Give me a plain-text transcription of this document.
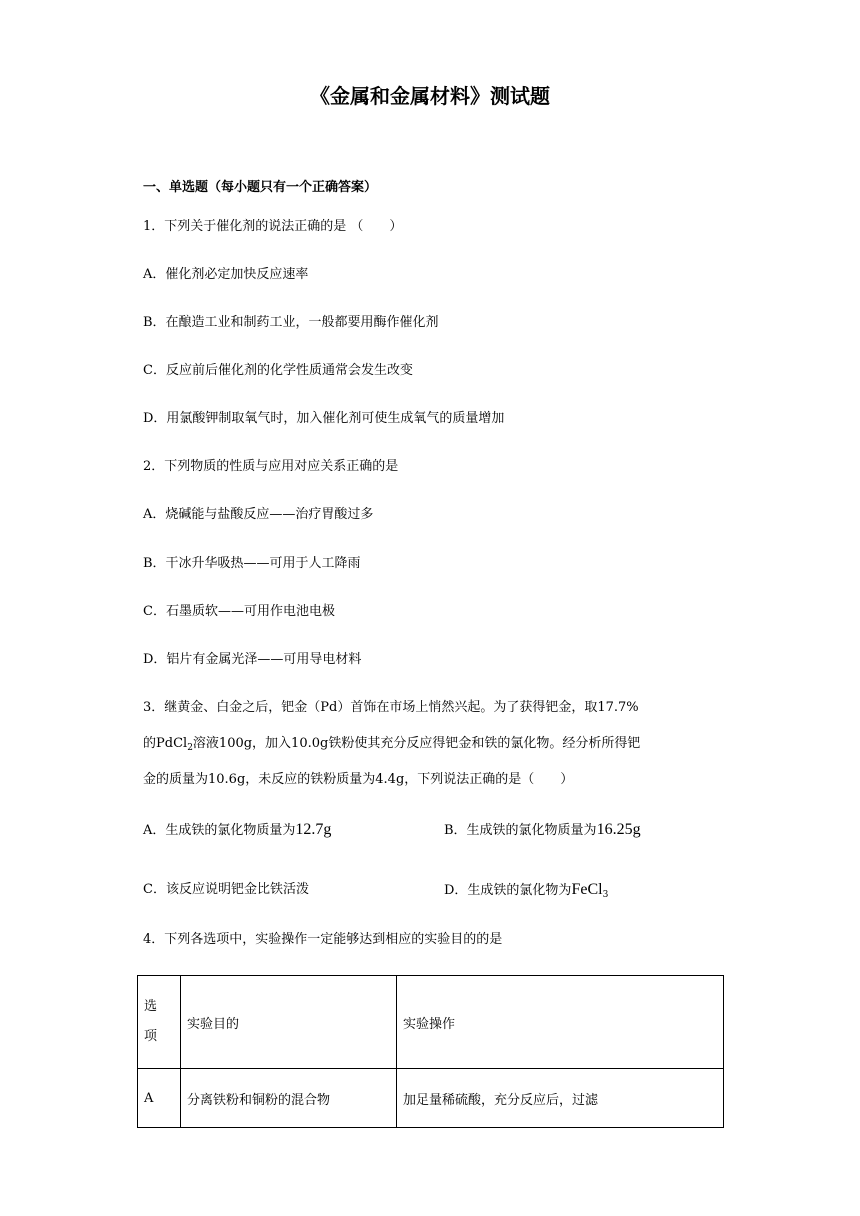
《金属和金属材料》测试题
一、单选题（每小题只有一个正确答案）
1．下列关于催化剂的说法正确的是 （　　）
A．催化剂必定加快反应速率
B．在酿造工业和制药工业，一般都要用酶作催化剂
C．反应前后催化剂的化学性质通常会发生改变
D．用氯酸钾制取氧气时，加入催化剂可使生成氧气的质量增加
2．下列物质的性质与应用对应关系正确的是
A．烧碱能与盐酸反应——治疗胃酸过多
B．干冰升华吸热——可用于人工降雨
C．石墨质软——可用作电池电极
D．铝片有金属光泽——可用导电材料
3．继黄金、白金之后，钯金（Pd）首饰在市场上悄然兴起。为了获得钯金，取17.7%
的PdCl$_2$溶液100g，加入10.0g铁粉使其充分反应得钯金和铁的氯化物。经分析所得钯
金的质量为10.6g，未反应的铁粉质量为4.4g，下列说法正确的是（　　）
A．生成铁的氯化物质量为12.7g	B．生成铁的氯化物质量为16.25g
C．该反应说明钯金比铁活泼	D．生成铁的氯化物为FeCl$_3$
4．下列各选项中，实验操作一定能够达到相应的实验目的的是
选
项	实验目的	实验操作
A	分离铁粉和铜粉的混合物	加足量稀硫酸，充分反应后，过滤
